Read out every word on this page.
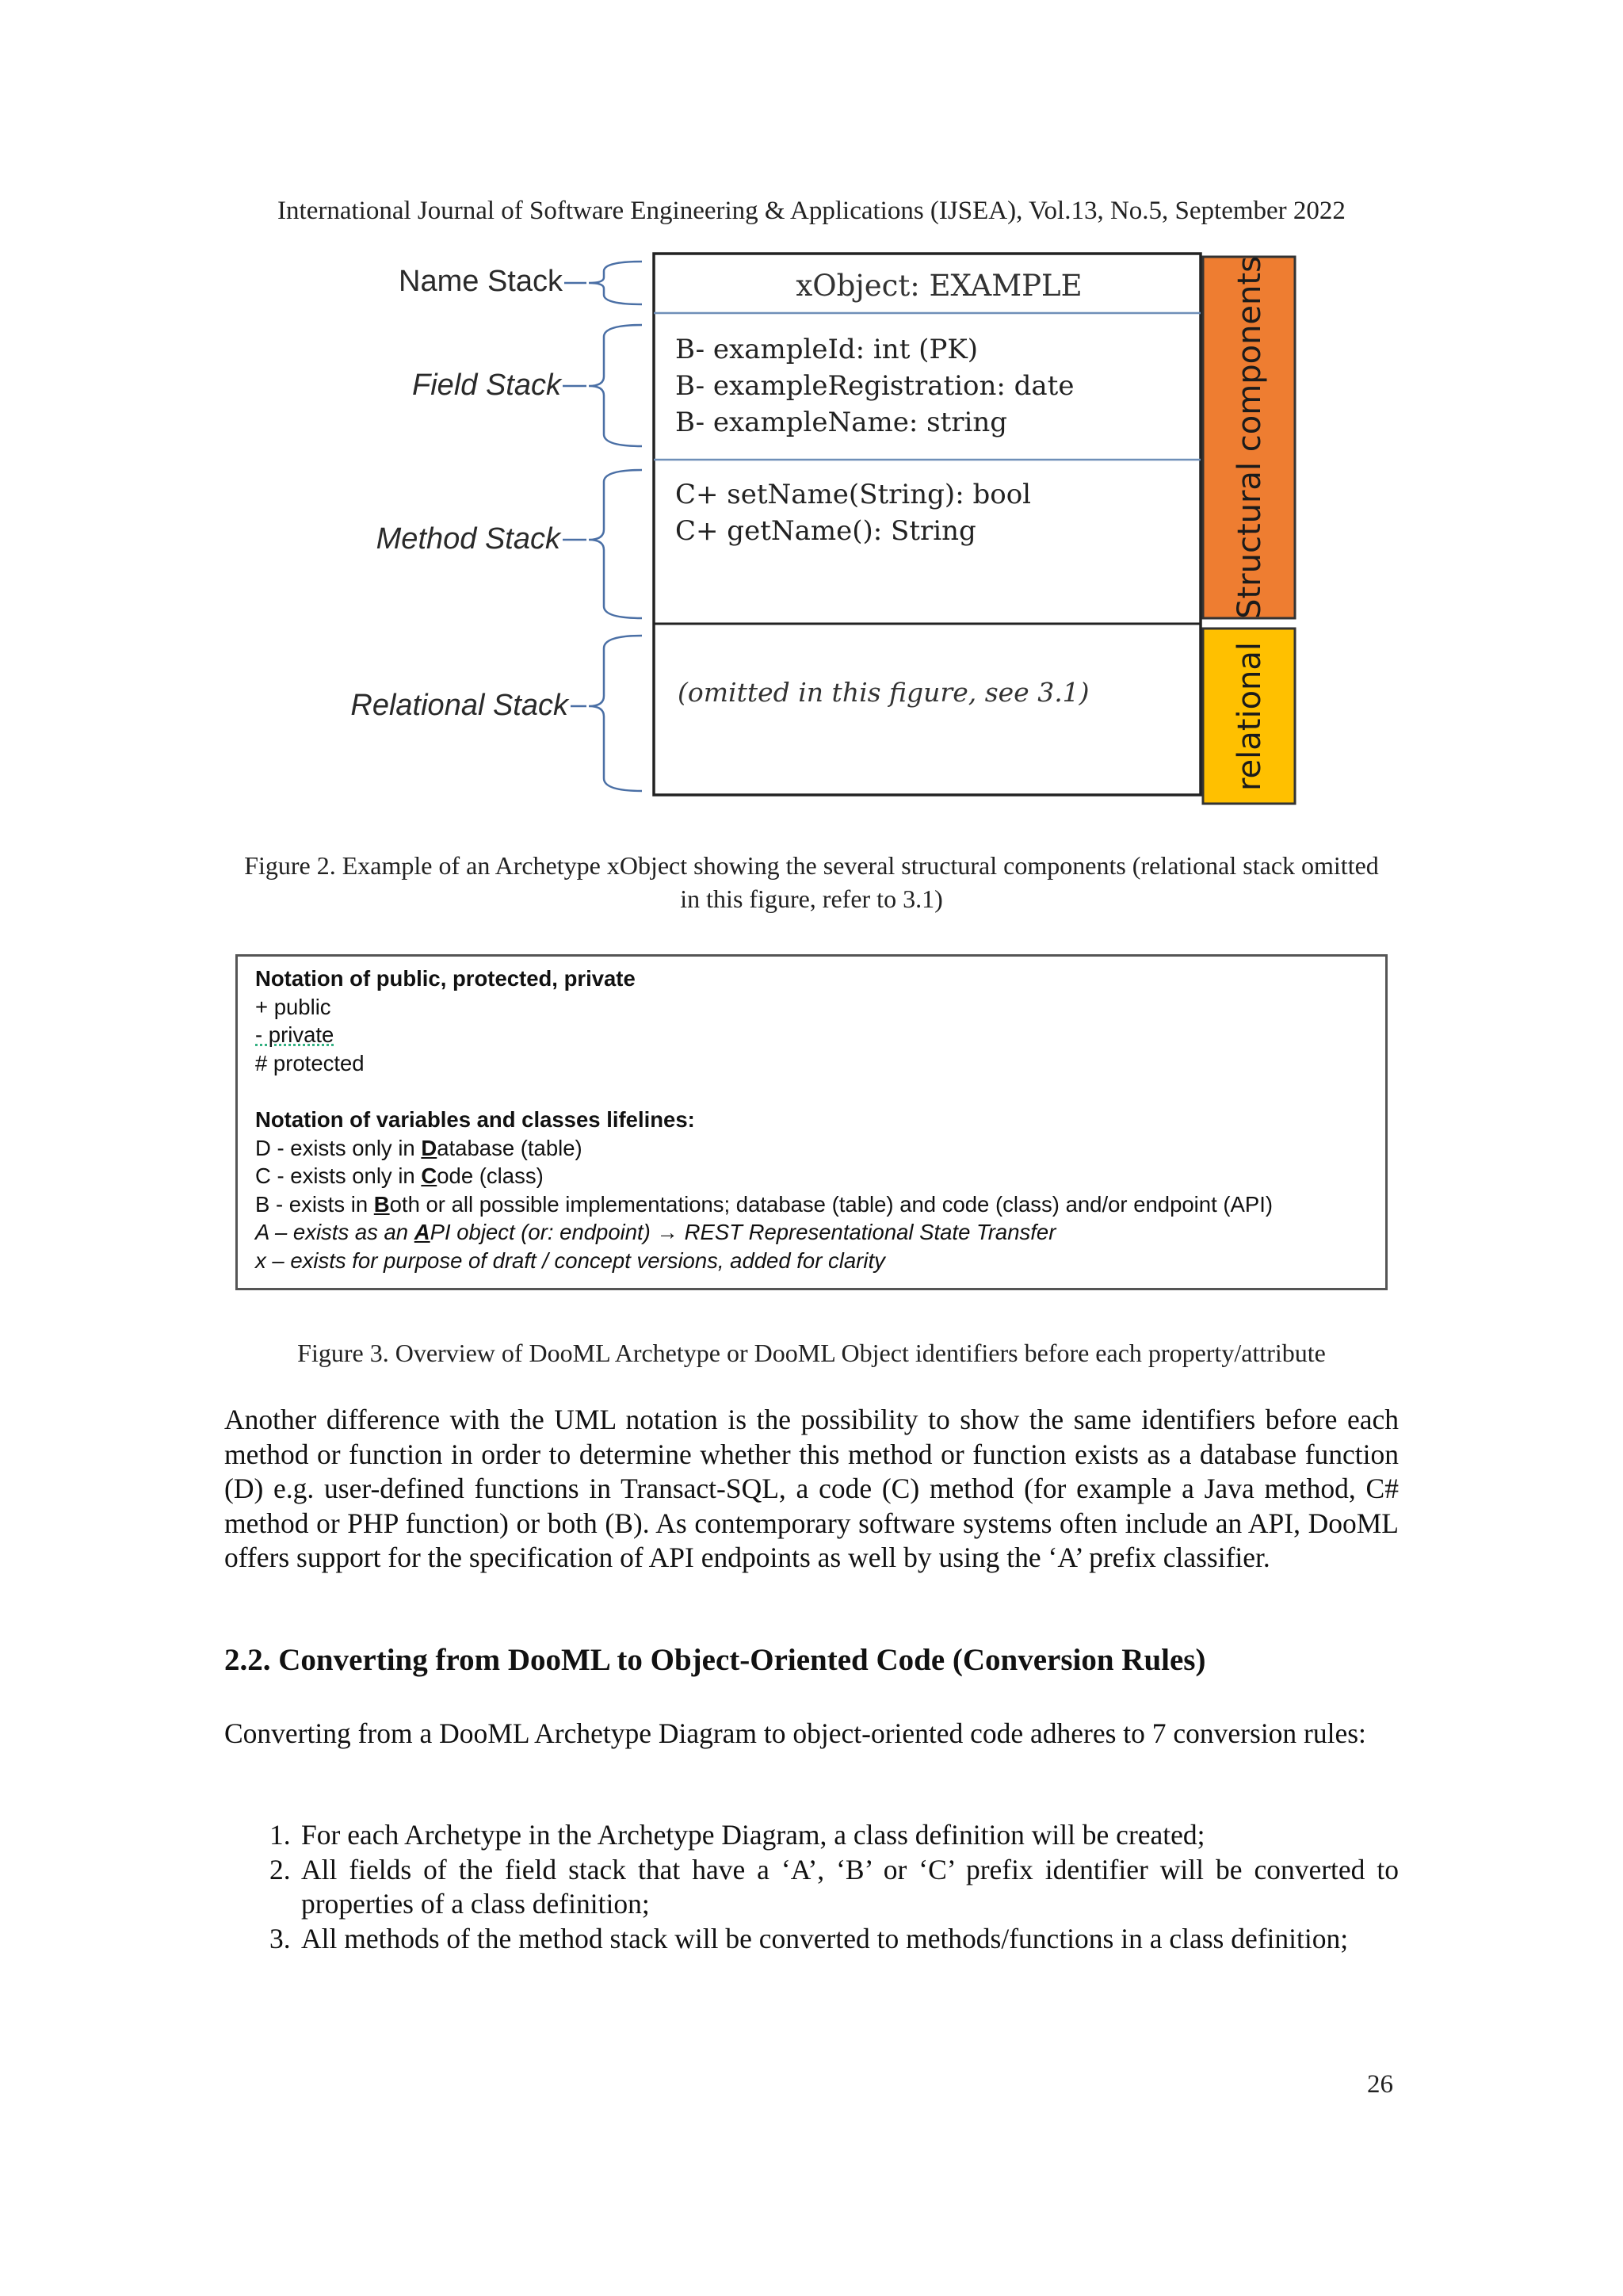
International Journal of Software Engineering & Applications (IJSEA), Vol.13, No.5, September 2022
Name Stack
Field Stack
Method Stack
Relational Stack
xObject: EXAMPLE
B- exampleId: int (PK)
B- exampleRegistration: date
B- exampleName: string
C+ setName(String): bool
C+ getName(): String
(omitted in this figure, see 3.1)
Structural components
relational
Figure 2. Example of an Archetype xObject showing the several structural components (relational stack omitted in this figure, refer to 3.1)
Notation of public, protected, private
+ public
- private
# protected
Notation of variables and classes lifelines:
D - exists only in Database (table)
C - exists only in Code (class)
B - exists in Both or all possible implementations; database (table) and code (class) and/or endpoint (API)
A – exists as an API object (or: endpoint) → REST Representational State Transfer
x – exists for purpose of draft / concept versions, added for clarity
Figure 3. Overview of DooML Archetype or DooML Object identifiers before each property/attribute
Another difference with the UML notation is the possibility to show the same identifiers before each method or function in order to determine whether this method or function exists as a database function (D) e.g. user-defined functions in Transact-SQL, a code (C) method (for example a Java method, C# method or PHP function) or both (B). As contemporary software systems often include an API, DooML offers support for the specification of API endpoints as well by using the ‘A’ prefix classifier.
2.2. Converting from DooML to Object-Oriented Code (Conversion Rules)
Converting from a DooML Archetype Diagram to object-oriented code adheres to 7 conversion rules:
1. For each Archetype in the Archetype Diagram, a class definition will be created;
2. All fields of the field stack that have a ‘A’, ‘B’ or ‘C’ prefix identifier will be converted to properties of a class definition;
3. All methods of the method stack will be converted to methods/functions in a class definition;
26
